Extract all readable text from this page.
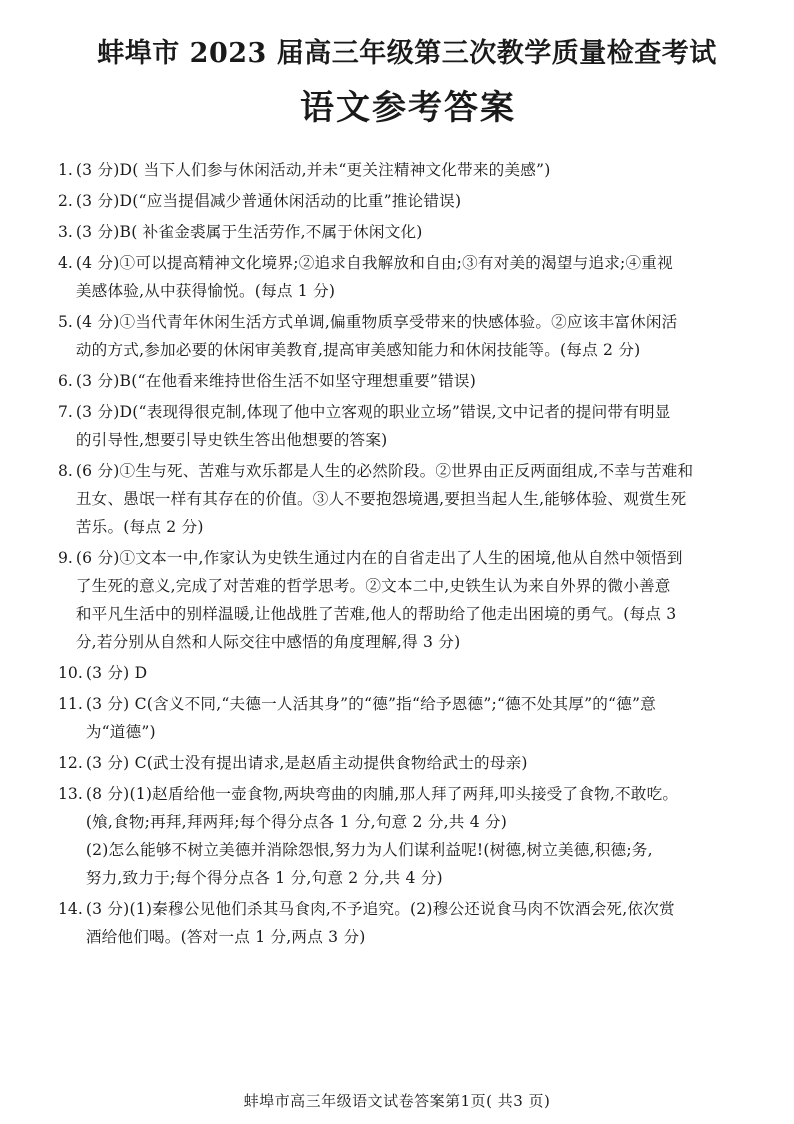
蚌埠市 2023 届高三年级第三次教学质量检查考试
语文参考答案
1. (3 分)D( 当下人们参与休闲活动,并未“更关注精神文化带来的美感”)
2. (3 分)D(“应当提倡减少普通休闲活动的比重”推论错误)
3. (3 分)B( 补雀金裘属于生活劳作,不属于休闲文化)
4. (4 分)①可以提高精神文化境界;②追求自我解放和自由;③有对美的渴望与追求;④重视
美感体验,从中获得愉悦。(每点 1 分)
5. (4 分)①当代青年休闲生活方式单调,偏重物质享受带来的快感体验。②应该丰富休闲活
动的方式,参加必要的休闲审美教育,提高审美感知能力和休闲技能等。(每点 2 分)
6. (3 分)B(“在他看来维持世俗生活不如坚守理想重要”错误)
7. (3 分)D(“表现得很克制,体现了他中立客观的职业立场”错误,文中记者的提问带有明显
的引导性,想要引导史铁生答出他想要的答案)
8. (6 分)①生与死、苦难与欢乐都是人生的必然阶段。②世界由正反两面组成,不幸与苦难和
丑女、愚氓一样有其存在的价值。③人不要抱怨境遇,要担当起人生,能够体验、观赏生死
苦乐。(每点 2 分)
9. (6 分)①文本一中,作家认为史铁生通过内在的自省走出了人生的困境,他从自然中领悟到
了生死的意义,完成了对苦难的哲学思考。②文本二中,史铁生认为来自外界的微小善意
和平凡生活中的别样温暖,让他战胜了苦难,他人的帮助给了他走出困境的勇气。(每点 3
分,若分别从自然和人际交往中感悟的角度理解,得 3 分)
10. (3 分) D
11. (3 分) C(含义不同,“夫德一人活其身”的“德”指“给予恩德”;“德不处其厚”的“德”意
为“道德”)
12. (3 分) C(武士没有提出请求,是赵盾主动提供食物给武士的母亲)
13. (8 分)(1)赵盾给他一壶食物,两块弯曲的肉脯,那人拜了两拜,叩头接受了食物,不敢吃。
(飧,食物;再拜,拜两拜;每个得分点各 1 分,句意 2 分,共 4 分)
(2)怎么能够不树立美德并消除怨恨,努力为人们谋利益呢!(树德,树立美德,积德;务,
努力,致力于;每个得分点各 1 分,句意 2 分,共 4 分)
14. (3 分)(1)秦穆公见他们杀其马食肉,不予追究。(2)穆公还说食马肉不饮酒会死,依次赏
酒给他们喝。(答对一点 1 分,两点 3 分)
蚌埠市高三年级语文试卷答案第1页( 共3 页)
